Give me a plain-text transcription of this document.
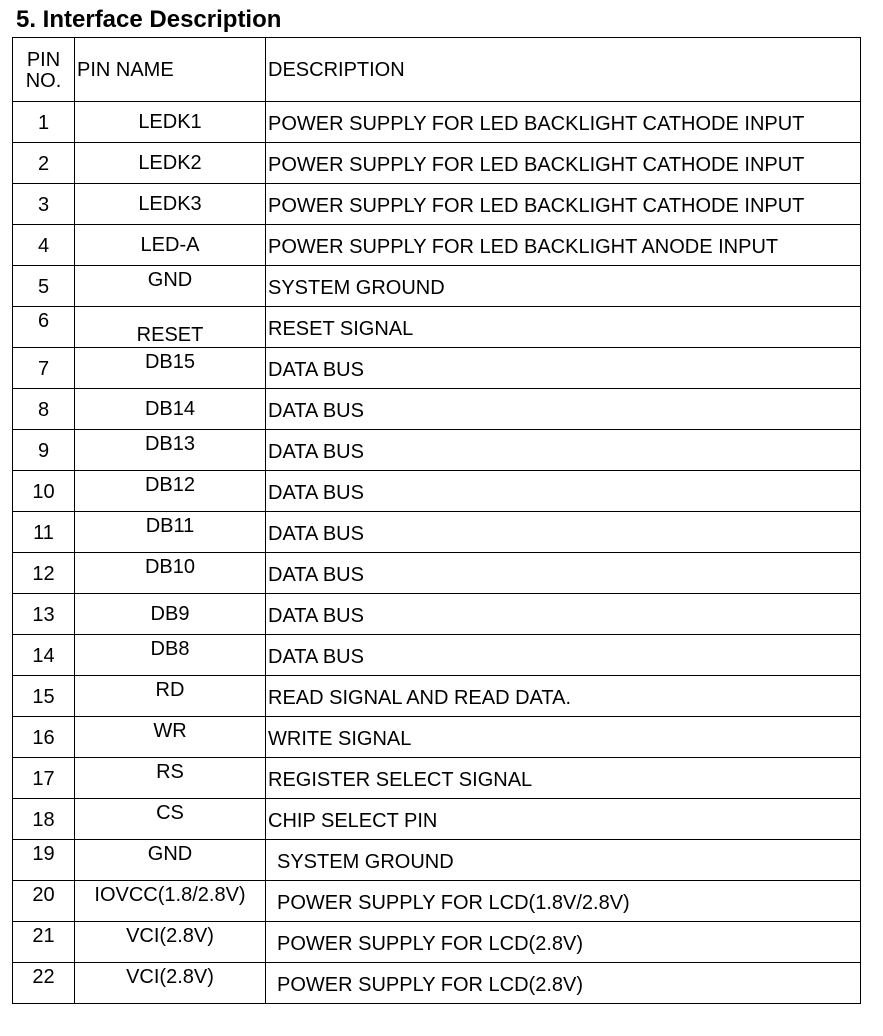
5. Interface Description
PIN NO.	PIN NAME	DESCRIPTION
1	LEDK1	POWER SUPPLY FOR LED BACKLIGHT CATHODE INPUT
2	LEDK2	POWER SUPPLY FOR LED BACKLIGHT CATHODE INPUT
3	LEDK3	POWER SUPPLY FOR LED BACKLIGHT CATHODE INPUT
4	LED-A	POWER SUPPLY FOR LED BACKLIGHT ANODE INPUT
5	GND	SYSTEM GROUND
6	RESET	RESET SIGNAL
7	DB15	DATA BUS
8	DB14	DATA BUS
9	DB13	DATA BUS
10	DB12	DATA BUS
11	DB11	DATA BUS
12	DB10	DATA BUS
13	DB9	DATA BUS
14	DB8	DATA BUS
15	RD	READ SIGNAL AND READ DATA.
16	WR	WRITE SIGNAL
17	RS	REGISTER SELECT SIGNAL
18	CS	CHIP SELECT PIN
19	GND	SYSTEM GROUND
20	IOVCC(1.8/2.8V)	POWER SUPPLY FOR LCD(1.8V/2.8V)
21	VCI(2.8V)	POWER SUPPLY FOR LCD(2.8V)
22	VCI(2.8V)	POWER SUPPLY FOR LCD(2.8V)
